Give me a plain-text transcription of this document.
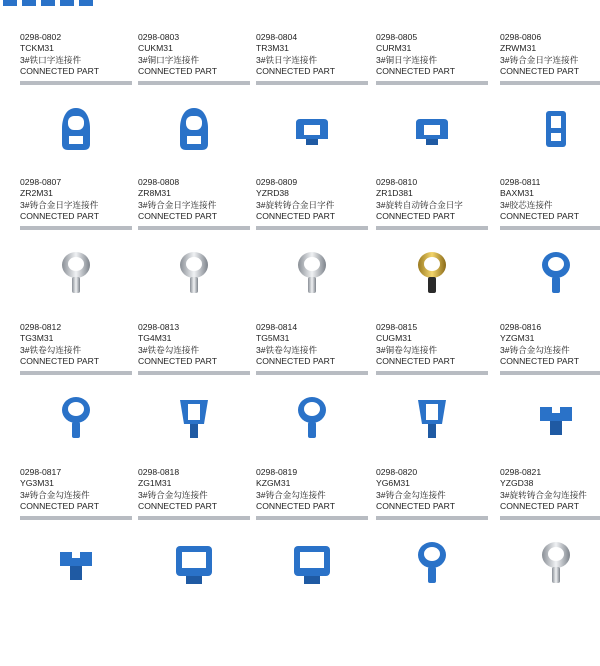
0298-0802
TCKM31
3#铁口字连接件
CONNECTED PART
0298-0803
CUKM31
3#铜口字连接件
CONNECTED PART
0298-0804
TR3M31
3#铁日字连接件
CONNECTED PART
0298-0805
CURM31
3#铜日字连接件
CONNECTED PART
0298-0806
ZRWM31
3#铸合金日字连接件
CONNECTED PART
0298-0807
ZR2M31
3#铸合金日字连接件
CONNECTED PART
0298-0808
ZR8M31
3#铸合金日字连接件
CONNECTED PART
0298-0809
YZRD38
3#旋转铸合金日字件
CONNECTED PART
0298-0810
ZR1D381
3#旋转自动铸合金日字
CONNECTED PART
0298-0811
BAXM31
3#胶芯连接件
CONNECTED PART
0298-0812
TG3M31
3#铁卷勾连接件
CONNECTED PART
0298-0813
TG4M31
3#铁卷勾连接件
CONNECTED PART
0298-0814
TG5M31
3#铁卷勾连接件
CONNECTED PART
0298-0815
CUGM31
3#铜卷勾连接件
CONNECTED PART
0298-0816
YZGM31
3#铸合金勾连接件
CONNECTED PART
0298-0817
YG3M31
3#铸合金勾连接件
CONNECTED PART
0298-0818
ZG1M31
3#铸合金勾连接件
CONNECTED PART
0298-0819
KZGM31
3#铸合金勾连接件
CONNECTED PART
0298-0820
YG6M31
3#铸合金勾连接件
CONNECTED PART
0298-0821
YZGD38
3#旋转铸合金勾连接件
CONNECTED PART
